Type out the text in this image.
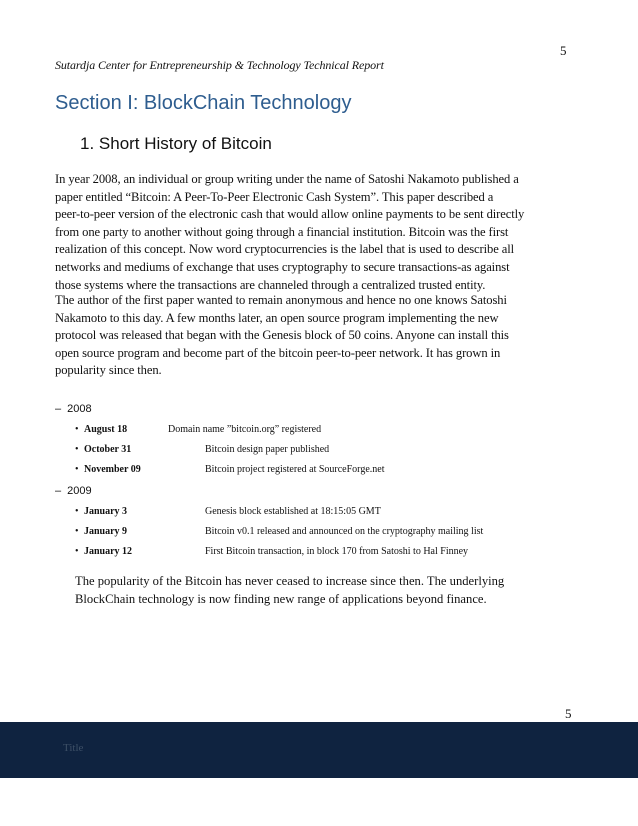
5
Sutardja Center for Entrepreneurship & Technology Technical Report
Section I: BlockChain Technology
1. Short History of Bitcoin

In year 2008, an individual or group writing under the name of Satoshi Nakamoto published a
paper entitled “Bitcoin: A Peer-To-Peer Electronic Cash System”. This paper described a
peer-to-peer version of the electronic cash that would allow online payments to be sent directly
from one party to another without going through a financial institution. Bitcoin was the first
realization of this concept. Now word cryptocurrencies is the label that is used to describe all
networks and mediums of exchange that uses cryptography to secure transactions-as against
those systems where the transactions are channeled through a centralized trusted entity.

The author of the first paper wanted to remain anonymous and hence no one knows Satoshi
Nakamoto to this day. A few months later, an open source program implementing the new
protocol was released that began with the Genesis block of 50 coins. Anyone can install this
open source program and become part of the bitcoin peer-to-peer network. It has grown in
popularity since then.

– 2008
• August 18	Domain name ”bitcoin.org” registered
• October 31	Bitcoin design paper published
• November 09	Bitcoin project registered at SourceForge.net
– 2009
• January 3	Genesis block established at 18:15:05 GMT
• January 9	Bitcoin v0.1 released and announced on the cryptography mailing list
• January 12	First Bitcoin transaction, in block 170 from Satoshi to Hal Finney

The popularity of the Bitcoin has never ceased to increase since then. The underlying
BlockChain technology is now finding new range of applications beyond finance.

5
Title
